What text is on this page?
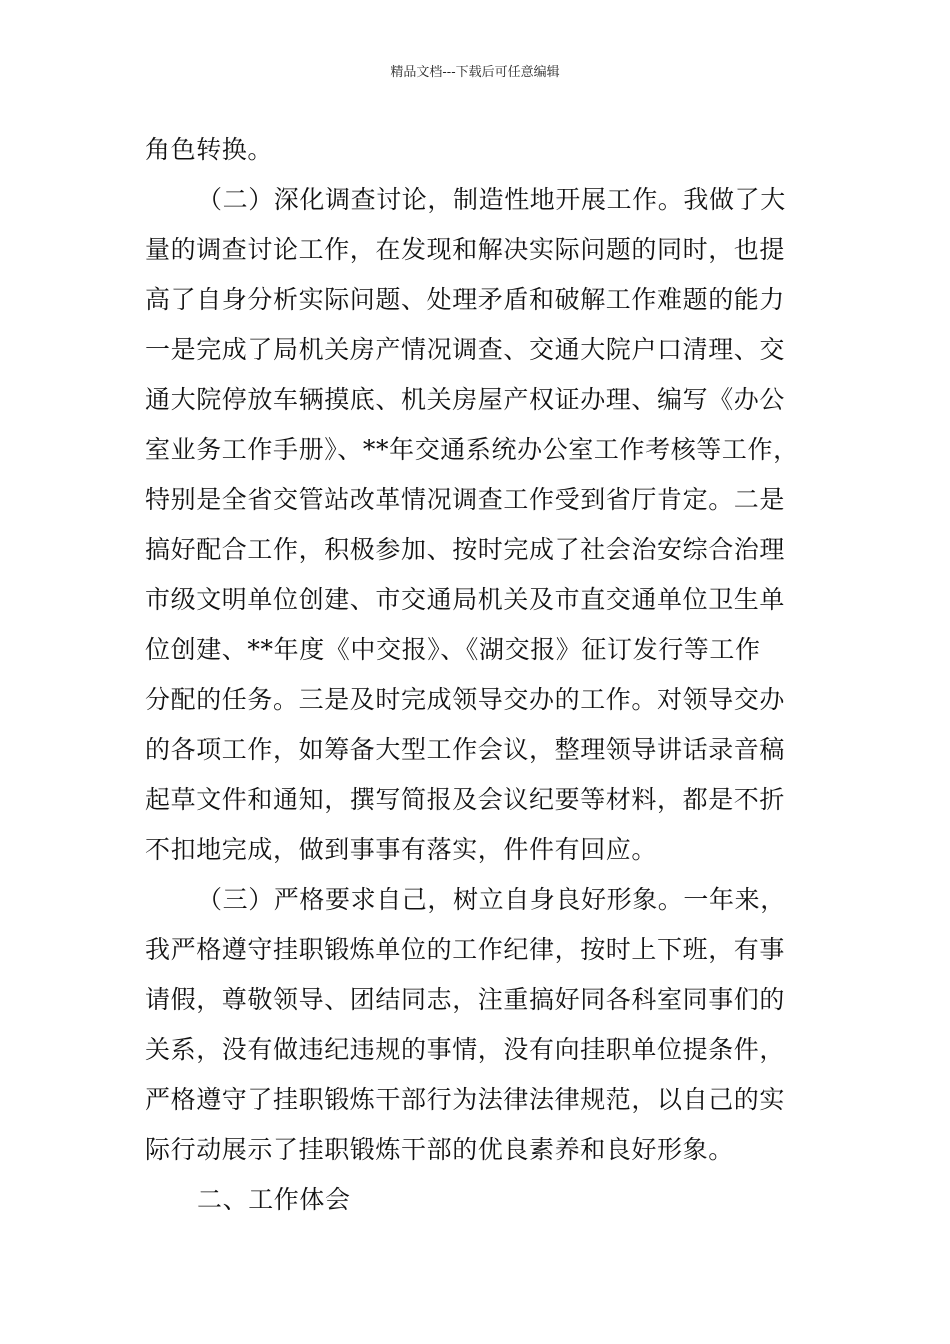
精品文档---下载后可任意编辑
角色转换。
（二）深化调查讨论，制造性地开展工作。我做了大
量的调查讨论工作，在发现和解决实际问题的同时，也提
高了自身分析实际问题、处理矛盾和破解工作难题的能力
一是完成了局机关房产情况调查、交通大院户口清理、交
通大院停放车辆摸底、机关房屋产权证办理、编写《办公
室业务工作手册》、**年交通系统办公室工作考核等工作，
特别是全省交管站改革情况调查工作受到省厅肯定。二是
搞好配合工作，积极参加、按时完成了社会治安综合治理
市级文明单位创建、市交通局机关及市直交通单位卫生单
位创建、**年度《中交报》、《湖交报》征订发行等工作
分配的任务。三是及时完成领导交办的工作。对领导交办
的各项工作，如筹备大型工作会议，整理领导讲话录音稿
起草文件和通知，撰写简报及会议纪要等材料，都是不折
不扣地完成，做到事事有落实，件件有回应。
（三）严格要求自己，树立自身良好形象。一年来，
我严格遵守挂职锻炼单位的工作纪律，按时上下班，有事
请假，尊敬领导、团结同志，注重搞好同各科室同事们的
关系，没有做违纪违规的事情，没有向挂职单位提条件，
严格遵守了挂职锻炼干部行为法律法律规范，以自己的实
际行动展示了挂职锻炼干部的优良素养和良好形象。
二、工作体会
